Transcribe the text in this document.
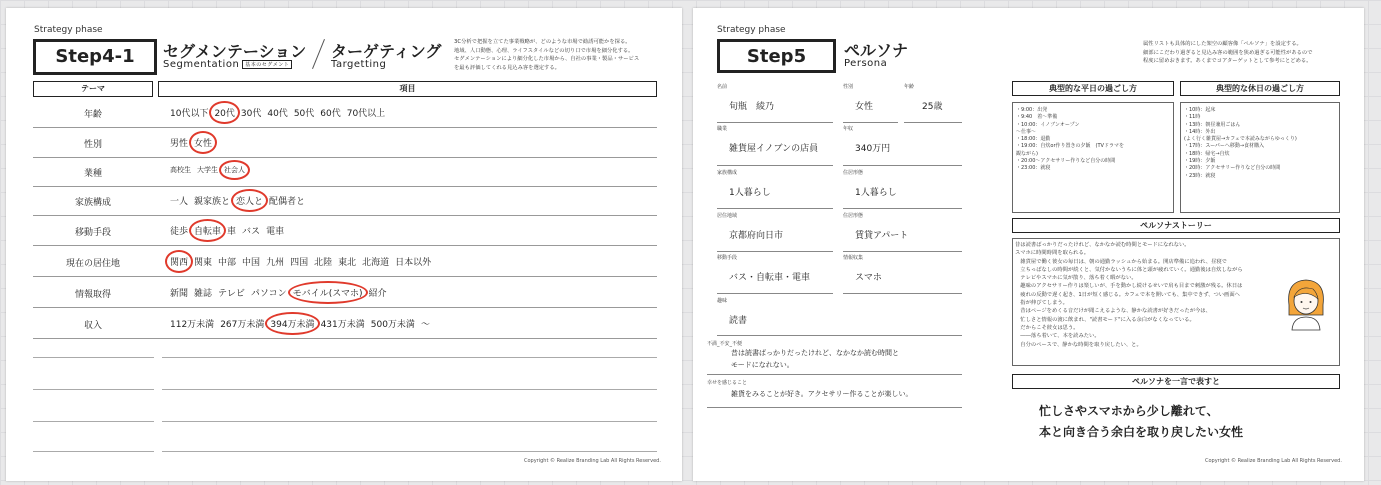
Strategy phase
Step4-1	セグメンテーション
Segmentation 基本のセグメント
ターゲティング
Targetting
3C分析で把握を立てた事業戦略が、どのような市場で勧誘可能かを探る。
地域、人口動態、心理、ライフスタイルなどの切り口で市場を細分化する。
セグメンテーションにより細分化した市場から、自社の事業・製品・サービス
を最も評価してくれる見込み客を選定する。
テーマ	項目
年齢	10代以下 20代 30代 40代 50代 60代 70代以上
性別	男性 女性
業種	高校生 大学生 社会人
家族構成	一人 親家族と 恋人と 配偶者と
移動手段	徒歩 自転車 車 バス 電車
現在の居住地	関西 関東 中部 中国 九州 四国 北陸 東北 北海道 日本以外
情報取得	新聞 雑誌 テレビ パソコン モバイル(スマホ) 紹介
収入	112万未満 267万未満 394万未満 431万未満 500万未満 〜
Copyright © Realize Branding Lab All Rights Reserved.
Strategy phase
Step5	ペルソナ
Persona
属性リストも具体的にした架空の顧客像「ペルソナ」を設定する。
細部にこだわり過ぎると見込み客の範囲を狭め過ぎる可能性があるので
程度に留めおきます。あくまでコアターゲットとして参考にとどめる。
名前
旬瓶　綾乃
性別
女性
年齢
25歳
職業
雑貨屋イノブンの店員
年収
340万円
家族構成
1人暮らし
住居形態
1人暮らし
居住地域
京都府向日市
住居形態
賃貸アパート
移動手段
バス・自転車・電車
情報収集
スマホ
趣味
読書
不満_不安_不便
昔は読書ばっかりだったけれど、なかなか読む時間と
モードになれない。
幸せを感じること
雑貨をみることが好き。アクセサリー作ることが楽しい。
典型的な平日の過ごし方
・9:00：出発
・9:40　着～準備
・10:00：イノブンオープン
～仕事～
・18:00：退勤
・19:00：自炊or作り置きの夕飯　(TVドラマを
観ながら)
・20:00～アクセサリー作りなど自分の時間
・23:00：就寝
典型的な休日の過ごし方
・10時：起床
・11時
・13時：朝昼兼用ごはん
・14時：外出
(よく行く雑貨屋→カフェで本読みながらゆっくり)
・17時：スーパーへ移動→食材購入
・18時：帰宅→自炊
・19時：夕飯
・20時：アクセサリー作りなど自分の時間
・23時：就寝
ペルソナストーリー
昔は読書ばっかりだったけれど、なかなか読む時間とモードになれない。
スマホに時間時間を取られる。
　雑貨屋で働く彼女の毎日は、朝の通勤ラッシュから始まる。開店準備に追われ、昼寝で
　立ちっぱなしの時間が続くと、気付かないうちに体と頭が疲れていく。通勤後は自炊しながら
　テレビやスマホに気が散り、落ち着く暇がない。
　趣味のアクセサリー作りは楽しいが、手を動かし続けるせいで肩も目まで刺激が残る。休日は
　疲れの反動で遅く起き、1日が短く感じる。カフェで本を開いても、集中できず、つい画面へ
　指が伸びてしまう。
　昔はページをめくる音だけが聞こえるような、静かな読書が好きだったが今は、
　忙しさと情報の渡に飲まれ、"読書モード"に入る余白がなくなっている。
　だからこそ彼女は思う。
　――落ち着いて、本を読みたい。
　自分のペースで、静かな時間を取り戻したい、と。
ペルソナを一言で表すと
忙しさやスマホから少し離れて、
本と向き合う余白を取り戻したい女性
Copyright © Realize Branding Lab All Rights Reserved.
